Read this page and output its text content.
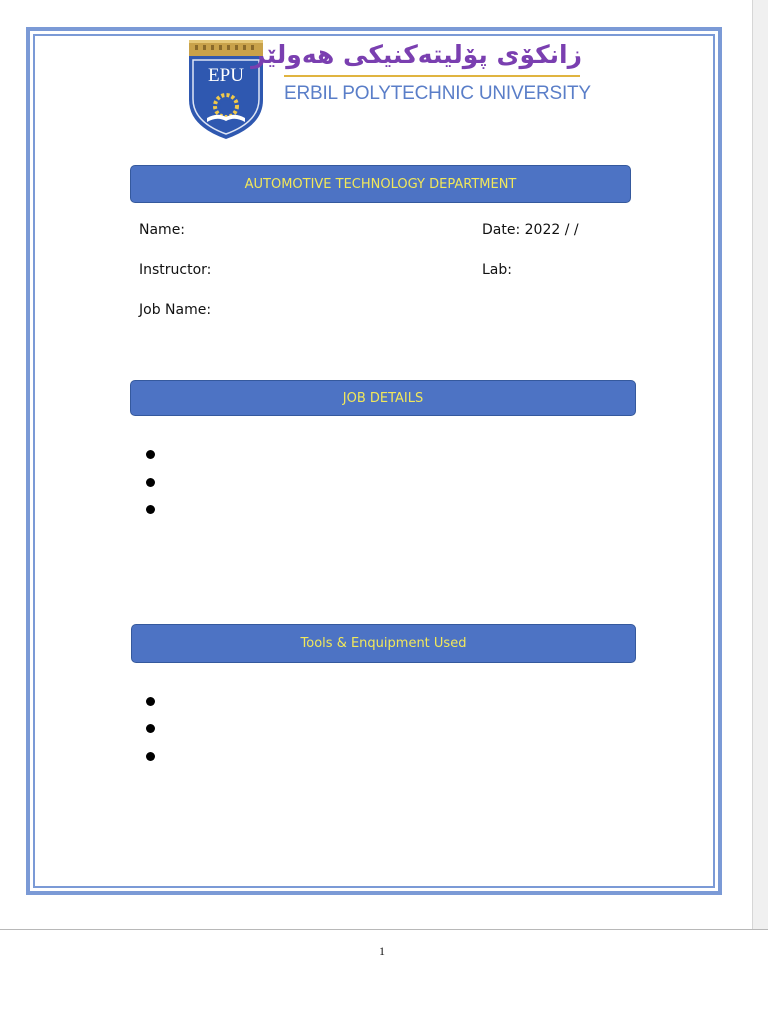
EPU
زانكۆی پۆلیتەكنیكی هەولێر
ERBIL POLYTECHNIC UNIVERSITY
AUTOMOTIVE TECHNOLOGY DEPARTMENT
Name:	Date: 2022 / /
Instructor:	Lab:
Job Name:
JOB DETAILS
Tools & Enquipment Used
1
